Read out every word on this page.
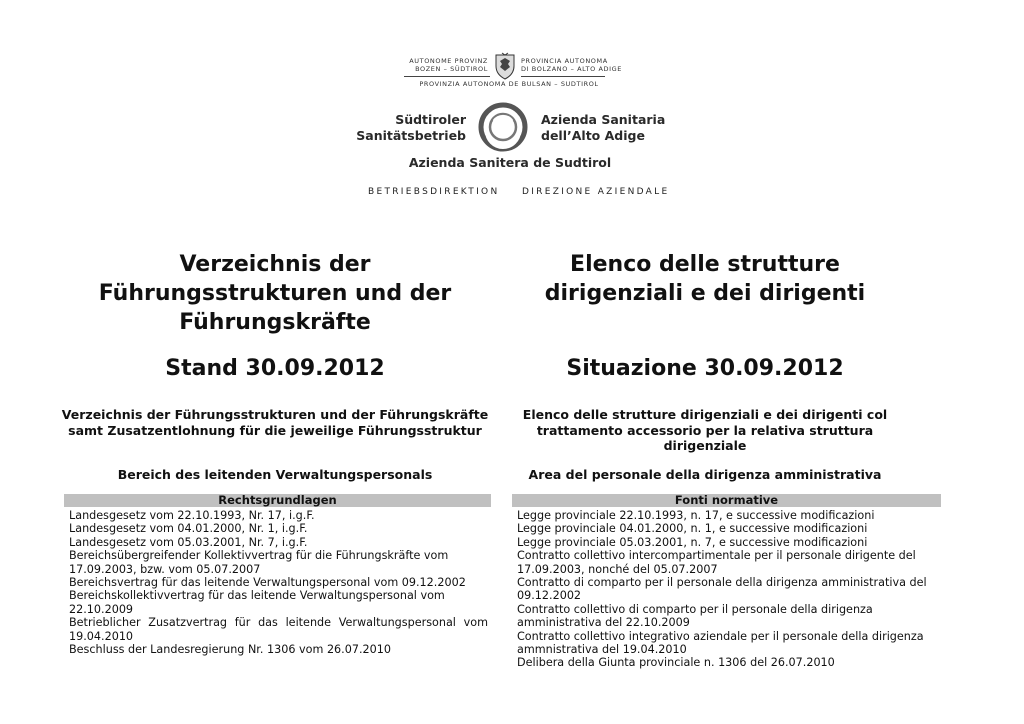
AUTONOME PROVINZ
BOZEN – SÜDTIROL
PROVINCIA AUTONOMA
DI BOLZANO – ALTO ADIGE
PROVINZIA AUTONOMA DE BULSAN – SUDTIROL
Südtiroler
Sanitätsbetrieb
Azienda Sanitaria
dell’Alto Adige
Azienda Sanitera de Sudtirol
BETRIEBSDIREKTION	DIREZIONE AZIENDALE
Verzeichnis der
Führungsstrukturen und der
Führungskräfte
Stand 30.09.2012
Verzeichnis der Führungsstrukturen und der Führungskräfte
samt Zusatzentlohnung für die jeweilige Führungsstruktur
Bereich des leitenden Verwaltungspersonals
Rechtsgrundlagen
Landesgesetz vom 22.10.1993, Nr. 17, i.g.F.
Landesgesetz vom 04.01.2000, Nr. 1, i.g.F.
Landesgesetz vom 05.03.2001, Nr. 7, i.g.F.
Bereichsübergreifender Kollektivvertrag für die Führungskräfte vom
17.09.2003, bzw. vom 05.07.2007
Bereichsvertrag für das leitende Verwaltungspersonal vom 09.12.2002
Bereichskollektivvertrag für das leitende Verwaltungspersonal vom
22.10.2009
Betrieblicher Zusatzvertrag für das leitende Verwaltungspersonal vom
19.04.2010
Beschluss der Landesregierung Nr. 1306 vom 26.07.2010
Elenco delle strutture
dirigenziali e dei dirigenti
Situazione 30.09.2012
Elenco delle strutture dirigenziali e dei dirigenti col
trattamento accessorio per la relativa struttura
dirigenziale
Area del personale della dirigenza amministrativa
Fonti normative
Legge provinciale 22.10.1993, n. 17, e successive modificazioni
Legge provinciale 04.01.2000, n. 1, e successive modificazioni
Legge provinciale 05.03.2001, n. 7, e successive modificazioni
Contratto collettivo intercompartimentale per il personale dirigente del
17.09.2003, nonché del 05.07.2007
Contratto di comparto per il personale della dirigenza amministrativa del
09.12.2002
Contratto collettivo di comparto per il personale della dirigenza
amministrativa del 22.10.2009
Contratto collettivo integrativo aziendale per il personale della dirigenza
ammnistrativa del 19.04.2010
Delibera della Giunta provinciale n. 1306 del 26.07.2010
